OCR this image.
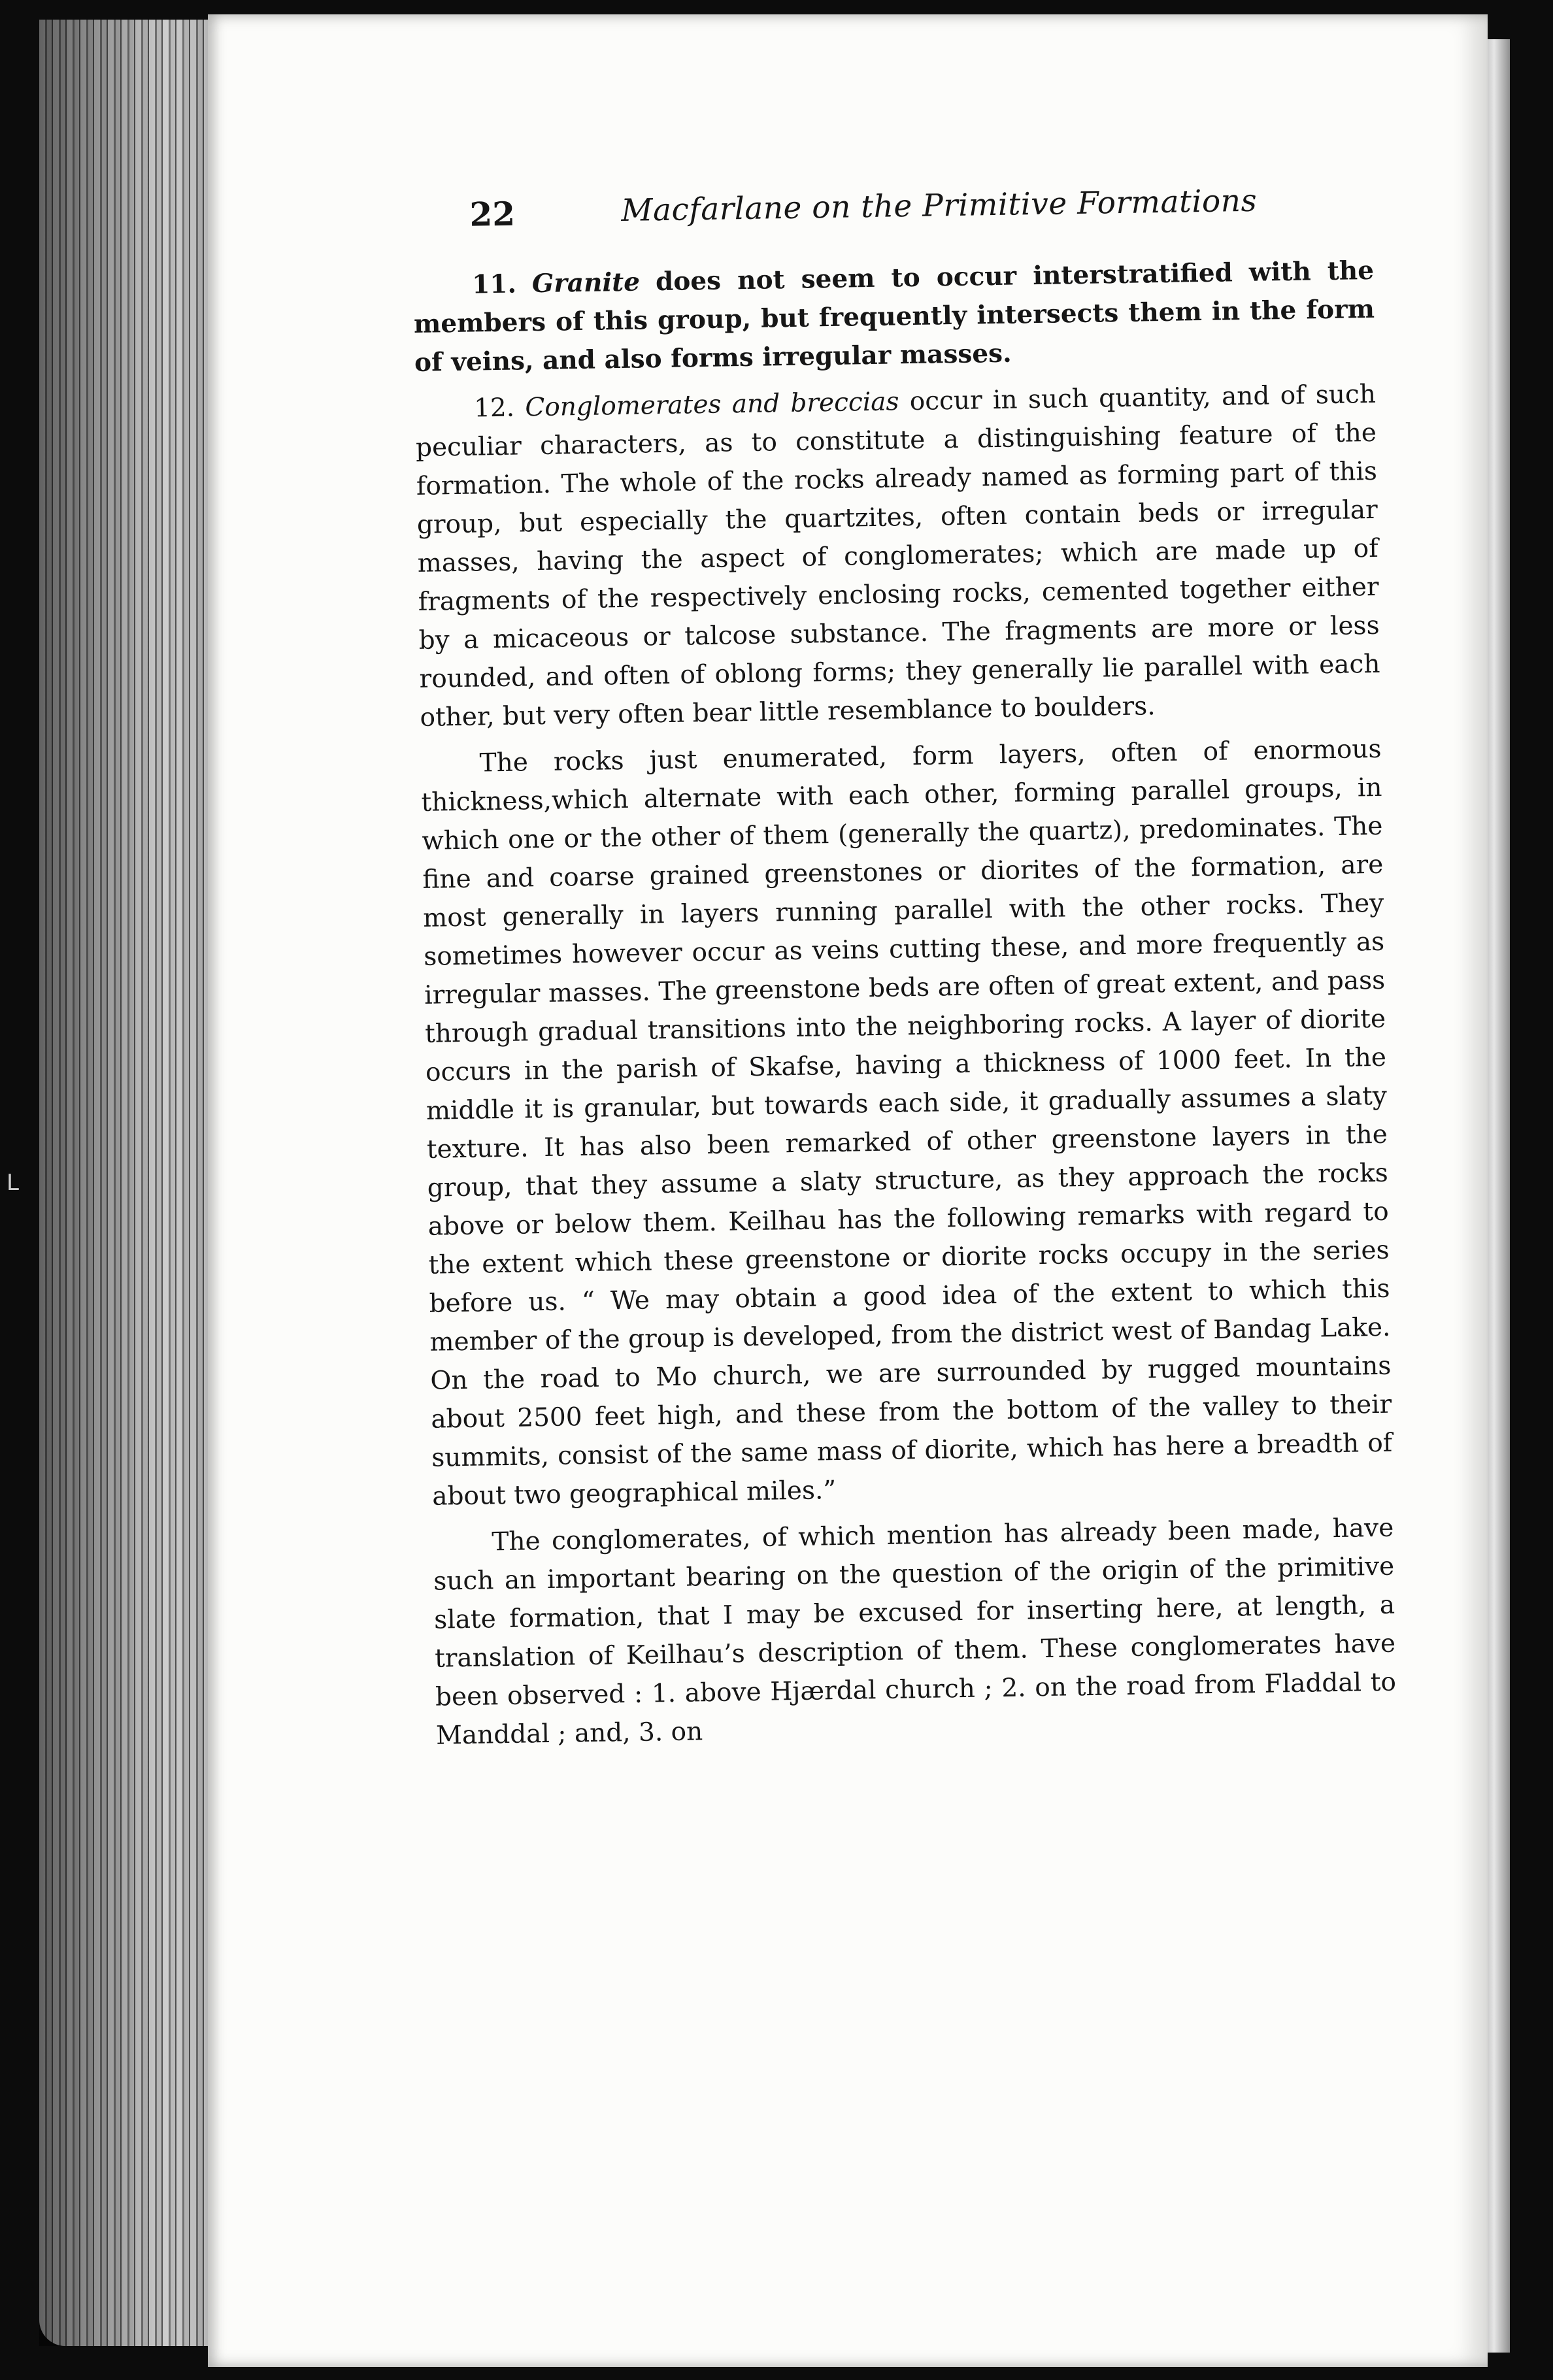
L
22	Macfarlane on the Primitive Formations

11. Granite does not seem to occur interstratified with the members of this group, but frequently intersects them in the form of veins, and also forms irregular masses.

12. Conglomerates and breccias occur in such quantity, and of such peculiar characters, as to constitute a distinguishing feature of the formation. The whole of the rocks already named as forming part of this group, but especially the quartzites, often contain beds or irregular masses, having the aspect of conglomerates; which are made up of fragments of the respectively enclosing rocks, cemented together either by a micaceous or talcose substance. The fragments are more or less rounded, and often of oblong forms; they generally lie parallel with each other, but very often bear little resemblance to boulders.

The rocks just enumerated, form layers, often of enormous thickness,which alternate with each other, forming parallel groups, in which one or the other of them (generally the quartz), predominates. The fine and coarse grained greenstones or diorites of the formation, are most generally in layers running parallel with the other rocks. They sometimes however occur as veins cutting these, and more frequently as irregular masses. The greenstone beds are often of great extent, and pass through gradual transitions into the neighboring rocks. A layer of diorite occurs in the parish of Skafse, having a thickness of 1000 feet. In the middle it is granular, but towards each side, it gradually assumes a slaty texture. It has also been remarked of other greenstone layers in the group, that they assume a slaty structure, as they approach the rocks above or below them. Keilhau has the following remarks with regard to the extent which these greenstone or diorite rocks occupy in the series before us. “ We may obtain a good idea of the extent to which this member of the group is developed, from the district west of Bandag Lake. On the road to Mo church, we are surrounded by rugged mountains about 2500 feet high, and these from the bottom of the valley to their summits, consist of the same mass of diorite, which has here a breadth of about two geographical miles.”

The conglomerates, of which mention has already been made, have such an important bearing on the question of the origin of the primitive slate formation, that I may be excused for inserting here, at length, a translation of Keilhau’s description of them. These conglomerates have been observed : 1. above Hjærdal church ; 2. on the road from Fladdal to Manddal ; and, 3. on
